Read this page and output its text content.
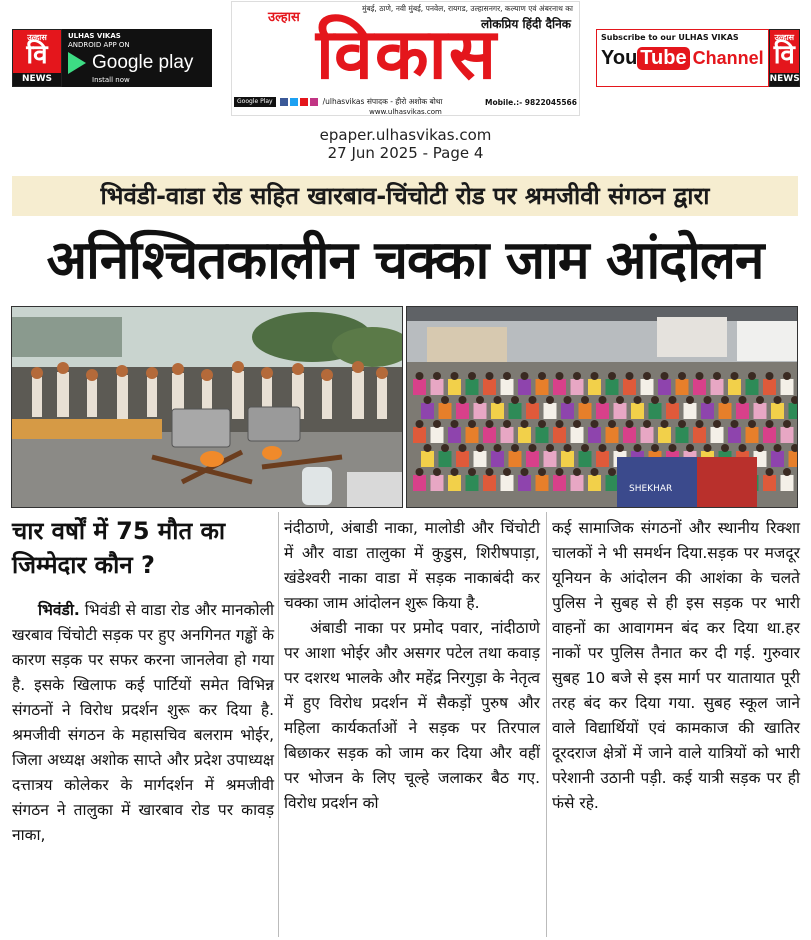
उल्हास
वि
NEWS
ULHAS VIKAS
ANDROID APP ON
Google play
Install now
मुंबई, ठाणे, नवी मुंबई, पनवेल, रायगड, उल्हासनगर, कल्याण एवं अंबरनाथ का
लोकप्रिय हिंदी दैनिक
विकास
उल्हास
Google Play	/ulhasvikas संपादक - हीरो अशोक बोथा	Mobile.:- 9822045566
www.ulhasvikas.com
Subscribe to our ULHAS VIKAS
You Tube Channel
उल्हास
वि
NEWS
epaper.ulhasvikas.com
27 Jun 2025 - Page 4
भिवंडी-वाडा रोड सहित खारबाव-चिंचोटी रोड पर श्रमजीवी संगठन द्वारा
अनिश्चितकालीन चक्का जाम आंदोलन
SHEKHAR
चार वर्षों में 75 मौत का जिम्मेदार कौन ?

भिवंडी. भिवंडी से वाडा रोड और मानकोली खरबाव चिंचोटी सड़क पर हुए अनगिनत गड्ढों के कारण सड़क पर सफर करना जानलेवा हो गया है. इसके खिलाफ कई पार्टियों समेत विभिन्न संगठनों ने विरोध प्रदर्शन शुरू कर दिया है. श्रमजीवी संगठन के महासचिव बलराम भोईर, जिला अध्यक्ष अशोक साप्ते और प्रदेश उपाध्यक्ष दत्तात्रय कोलेकर के मार्गदर्शन में श्रमजीवी संगठन ने तालुका में खारबाव रोड पर कावड़ नाका,

नंदीठाणे, अंबाडी नाका, मालोडी और चिंचोटी में और वाडा तालुका में कुडुस, शिरीषपाड़ा, खंडेश्वरी नाका वाडा में सड़क नाकाबंदी कर चक्का जाम आंदोलन शुरू किया है.

अंबाडी नाका पर प्रमोद पवार, नांदीठाणे पर आशा भोईर और असगर पटेल तथा कवाड़ पर दशरथ भालके और महेंद्र निरगुड़ा के नेतृत्व में हुए विरोध प्रदर्शन में सैकड़ों पुरुष और महिला कार्यकर्ताओं ने सड़क पर तिरपाल बिछाकर सड़क को जाम कर दिया और वहीं पर भोजन के लिए चूल्हे जलाकर बैठ गए. विरोध प्रदर्शन को

कई सामाजिक संगठनों और स्थानीय रिक्शा चालकों ने भी समर्थन दिया.सड़क पर मजदूर यूनियन के आंदोलन की आशंका के चलते पुलिस ने सुबह से ही इस सड़क पर भारी वाहनों का आवागमन बंद कर दिया था.हर नाकों पर पुलिस तैनात कर दी गई. गुरुवार सुबह 10 बजे से इस मार्ग पर यातायात पूरी तरह बंद कर दिया गया. सुबह स्कूल जाने वाले विद्यार्थियों एवं कामकाज की खातिर दूरदराज क्षेत्रों में जाने वाले यात्रियों को भारी परेशानी उठानी पड़ी. कई यात्री सड़क पर ही फंसे रहे.
